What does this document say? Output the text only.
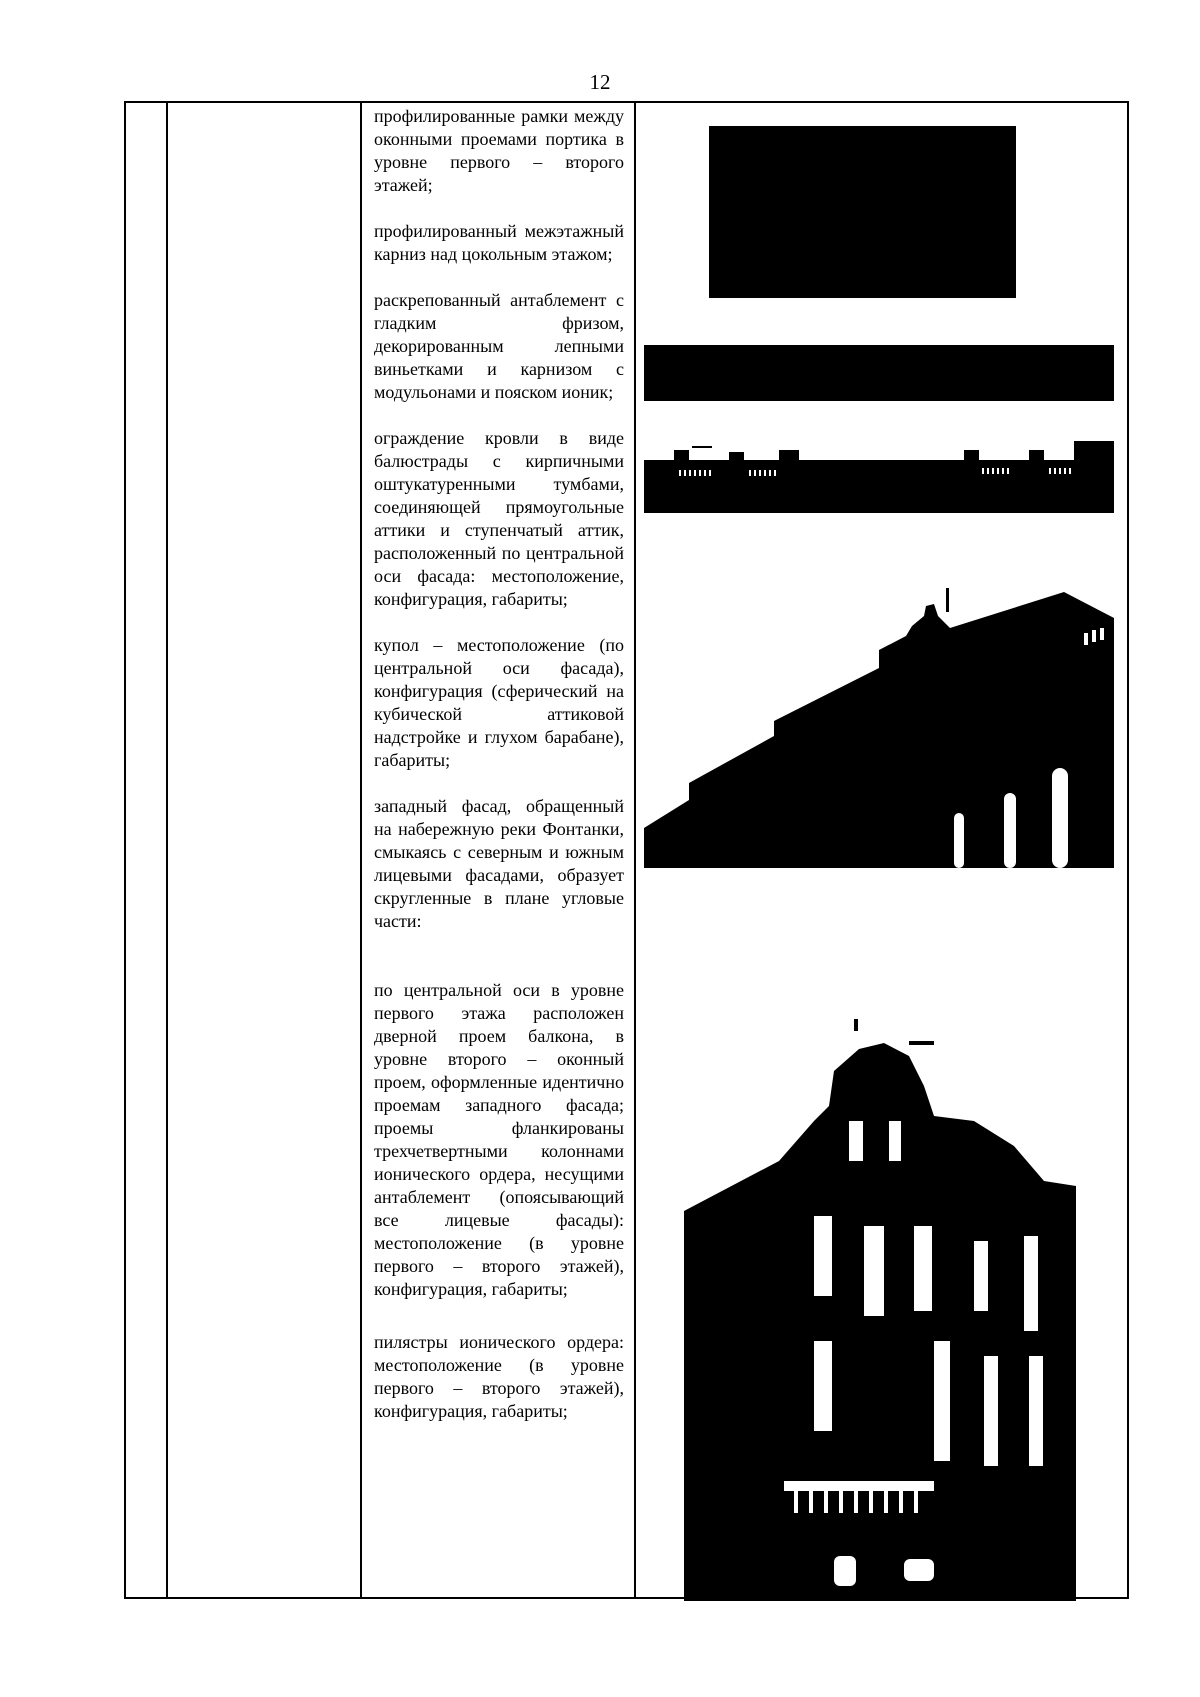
12

профилированные рамки между оконными проемами портика в уровне первого – второго этажей;

профилированный межэтажный карниз над цокольным этажом;

раскрепованный антаблемент с гладким фризом, декорированным лепными виньетками и карнизом с модульонами и пояском ионик;

ограждение кровли в виде балюстрады с кирпичными оштукатуренными тумбами, соединяющей прямоугольные аттики и ступенчатый аттик, расположенный по центральной оси фасада: местоположение, конфигурация, габариты;

купол – местоположение (по центральной оси фасада), конфигурация (сферический на кубической аттиковой надстройке и глухом барабане), габариты;

западный фасад, обращенный на набережную реки Фонтанки, смыкаясь с северным и южным лицевыми фасадами, образует скругленные в плане угловые части:

по центральной оси в уровне первого этажа расположен дверной проем балкона, в уровне второго – оконный проем, оформленные идентично проемам западного фасада; проемы фланкированы трехчетвертными колоннами ионического ордера, несущими антаблемент (опоясывающий все лицевые фасады): местоположение (в уровне первого – второго этажей), конфигурация, габариты;

пилястры ионического ордера: местоположение (в уровне первого – второго этажей), конфигурация, габариты;
